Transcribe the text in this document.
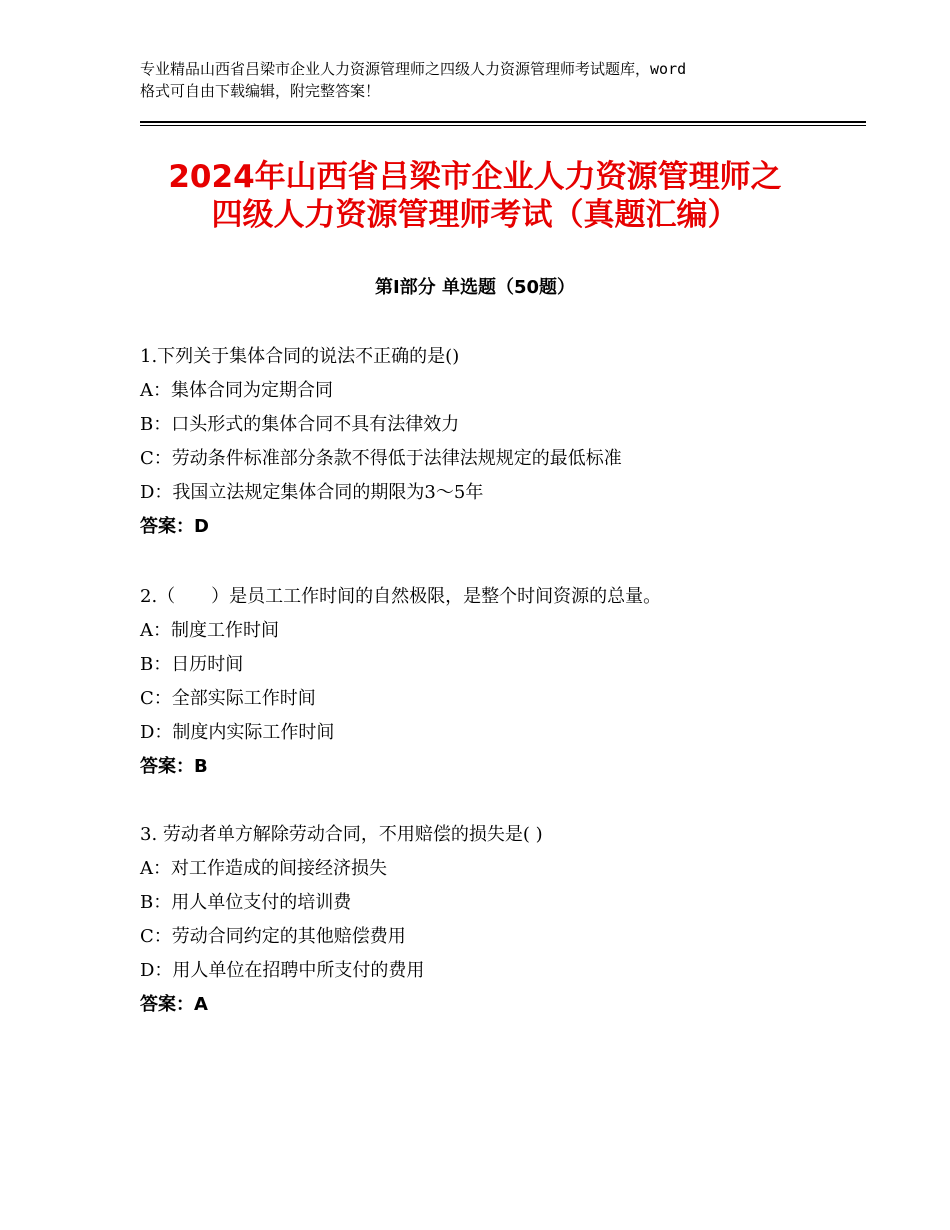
专业精品山西省吕梁市企业人力资源管理师之四级人力资源管理师考试题库，word
格式可自由下载编辑，附完整答案！
2024年山西省吕梁市企业人力资源管理师之
四级人力资源管理师考试（真题汇编）
第Ⅰ部分 单选题（50题）
1.下列关于集体合同的说法不正确的是()
A：集体合同为定期合同
B：口头形式的集体合同不具有法律效力
C：劳动条件标准部分条款不得低于法律法规规定的最低标准
D：我国立法规定集体合同的期限为3～5年
答案：D
2.（　　）是员工工作时间的自然极限，是整个时间资源的总量。
A：制度工作时间
B：日历时间
C：全部实际工作时间
D：制度内实际工作时间
答案：B
3. 劳动者单方解除劳动合同，不用赔偿的损失是( )
A：对工作造成的间接经济损失
B：用人单位支付的培训费
C：劳动合同约定的其他赔偿费用
D：用人单位在招聘中所支付的费用
答案：A
